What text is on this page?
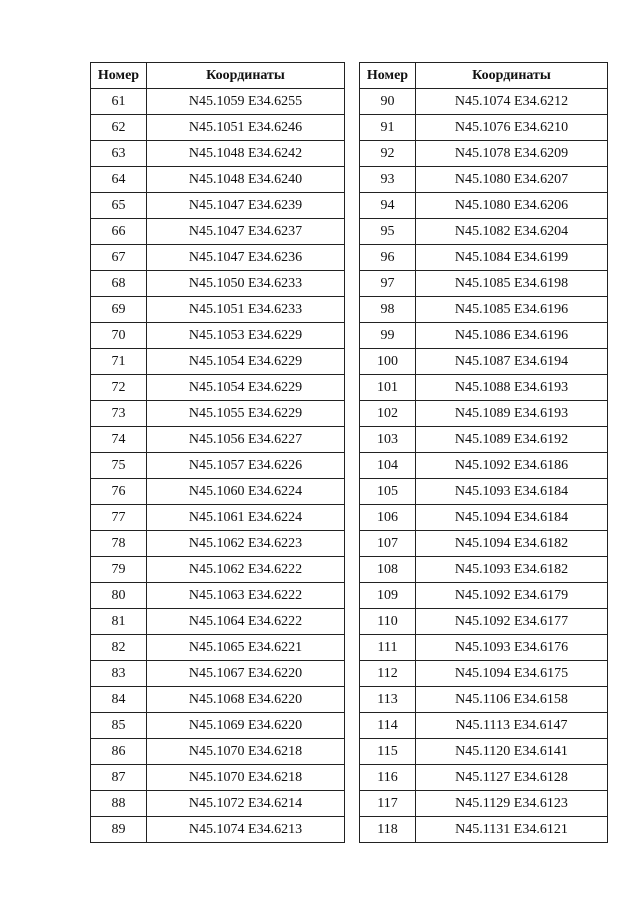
Номер	Координаты
61	N45.1059 E34.6255
62	N45.1051 E34.6246
63	N45.1048 E34.6242
64	N45.1048 E34.6240
65	N45.1047 E34.6239
66	N45.1047 E34.6237
67	N45.1047 E34.6236
68	N45.1050 E34.6233
69	N45.1051 E34.6233
70	N45.1053 E34.6229
71	N45.1054 E34.6229
72	N45.1054 E34.6229
73	N45.1055 E34.6229
74	N45.1056 E34.6227
75	N45.1057 E34.6226
76	N45.1060 E34.6224
77	N45.1061 E34.6224
78	N45.1062 E34.6223
79	N45.1062 E34.6222
80	N45.1063 E34.6222
81	N45.1064 E34.6222
82	N45.1065 E34.6221
83	N45.1067 E34.6220
84	N45.1068 E34.6220
85	N45.1069 E34.6220
86	N45.1070 E34.6218
87	N45.1070 E34.6218
88	N45.1072 E34.6214
89	N45.1074 E34.6213
Номер	Координаты
90	N45.1074 E34.6212
91	N45.1076 E34.6210
92	N45.1078 E34.6209
93	N45.1080 E34.6207
94	N45.1080 E34.6206
95	N45.1082 E34.6204
96	N45.1084 E34.6199
97	N45.1085 E34.6198
98	N45.1085 E34.6196
99	N45.1086 E34.6196
100	N45.1087 E34.6194
101	N45.1088 E34.6193
102	N45.1089 E34.6193
103	N45.1089 E34.6192
104	N45.1092 E34.6186
105	N45.1093 E34.6184
106	N45.1094 E34.6184
107	N45.1094 E34.6182
108	N45.1093 E34.6182
109	N45.1092 E34.6179
110	N45.1092 E34.6177
111	N45.1093 E34.6176
112	N45.1094 E34.6175
113	N45.1106 E34.6158
114	N45.1113 E34.6147
115	N45.1120 E34.6141
116	N45.1127 E34.6128
117	N45.1129 E34.6123
118	N45.1131 E34.6121
